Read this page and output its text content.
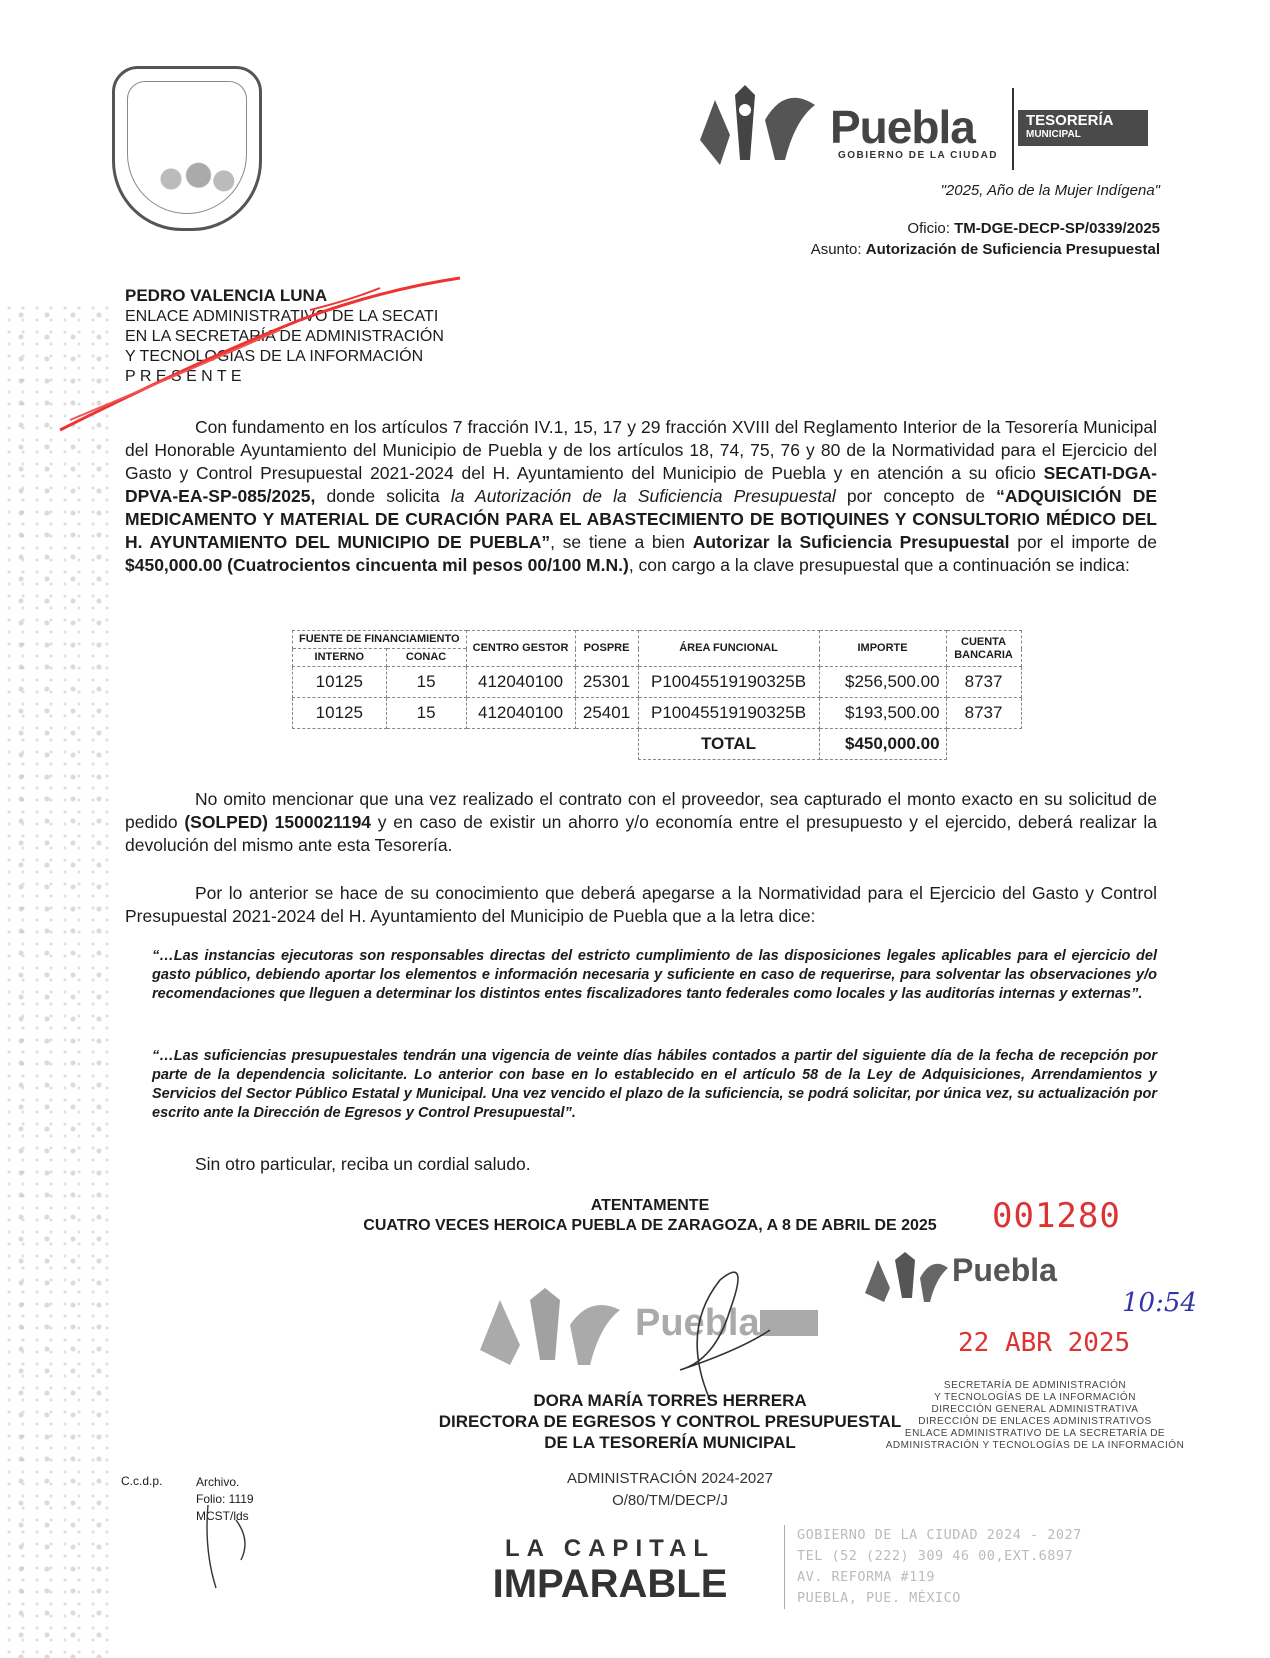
Puebla
GOBIERNO DE LA CIUDAD
TESORERÍA
MUNICIPAL
"2025, Año de la Mujer Indígena"
Oficio: TM-DGE-DECP-SP/0339/2025
Asunto: Autorización de Suficiencia Presupuestal
PEDRO VALENCIA LUNA
ENLACE ADMINISTRATIVO DE LA SECATI
EN LA SECRETARÍA DE ADMINISTRACIÓN
Y TECNOLOGÍAS DE LA INFORMACIÓN
P R E S E N T E
Con fundamento en los artículos 7 fracción IV.1, 15, 17 y 29 fracción XVIII del Reglamento Interior de la Tesorería Municipal del Honorable Ayuntamiento del Municipio de Puebla y de los artículos 18, 74, 75, 76 y 80 de la Normatividad para el Ejercicio del Gasto y Control Presupuestal 2021-2024 del H. Ayuntamiento del Municipio de Puebla y en atención a su oficio SECATI-DGA-DPVA-EA-SP-085/2025, donde solicita la Autorización de la Suficiencia Presupuestal por concepto de “ADQUISICIÓN DE MEDICAMENTO Y MATERIAL DE CURACIÓN PARA EL ABASTECIMIENTO DE BOTIQUINES Y CONSULTORIO MÉDICO DEL H. AYUNTAMIENTO DEL MUNICIPIO DE PUEBLA”, se tiene a bien Autorizar la Suficiencia Presupuestal por el importe de $450,000.00 (Cuatrocientos cincuenta mil pesos 00/100 M.N.), con cargo a la clave presupuestal que a continuación se indica:
FUENTE DE FINANCIAMIENTO		CENTRO GESTOR	POSPRE	ÁREA FUNCIONAL	IMPORTE	CUENTA BANCARIA
INTERNO	CONAC					
10125	15	412040100	25301	P10045519190325B	$256,500.00	8737
10125	15	412040100	25401	P10045519190325B	$193,500.00	8737
				TOTAL	$450,000.00	
No omito mencionar que una vez realizado el contrato con el proveedor, sea capturado el monto exacto en su solicitud de pedido (SOLPED) 1500021194 y en caso de existir un ahorro y/o economía entre el presupuesto y el ejercido, deberá realizar la devolución del mismo ante esta Tesorería.
Por lo anterior se hace de su conocimiento que deberá apegarse a la Normatividad para el Ejercicio del Gasto y Control Presupuestal 2021-2024 del H. Ayuntamiento del Municipio de Puebla que a la letra dice:
“…Las instancias ejecutoras son responsables directas del estricto cumplimiento de las disposiciones legales aplicables para el ejercicio del gasto público, debiendo aportar los elementos e información necesaria y suficiente en caso de requerirse, para solventar las observaciones y/o recomendaciones que lleguen a determinar los distintos entes fiscalizadores tanto federales como locales y las auditorías internas y externas”.
“…Las suficiencias presupuestales tendrán una vigencia de veinte días hábiles contados a partir del siguiente día de la fecha de recepción por parte de la dependencia solicitante. Lo anterior con base en lo establecido en el artículo 58 de la Ley de Adquisiciones, Arrendamientos y Servicios del Sector Público Estatal y Municipal. Una vez vencido el plazo de la suficiencia, se podrá solicitar, por única vez, su actualización por escrito ante la Dirección de Egresos y Control Presupuestal”.
Sin otro particular, reciba un cordial saludo.
ATENTAMENTE
CUATRO VECES HEROICA PUEBLA DE ZARAGOZA, A 8 DE ABRIL DE 2025	001280
Puebla
DORA MARÍA TORRES HERRERA
DIRECTORA DE EGRESOS Y CONTROL PRESUPUESTAL
DE LA TESORERÍA MUNICIPAL
ADMINISTRACIÓN 2024-2027
O/80/TM/DECP/J
Puebla
10:54
22 ABR 2025
SECRETARÍA DE ADMINISTRACIÓN
Y TECNOLOGÍAS DE LA INFORMACIÓN
DIRECCIÓN GENERAL ADMINISTRATIVA
DIRECCIÓN DE ENLACES ADMINISTRATIVOS
ENLACE ADMINISTRATIVO DE LA SECRETARÍA DE
ADMINISTRACIÓN Y TECNOLOGÍAS DE LA INFORMACIÓN
C.c.d.p.	Archivo.
Folio: 1119
MCST/lds
LA CAPITAL
IMPARABLE
GOBIERNO DE LA CIUDAD 2024 - 2027
TEL (52 (222) 309 46 00,EXT.6897
AV. REFORMA #119
PUEBLA, PUE. MÉXICO
